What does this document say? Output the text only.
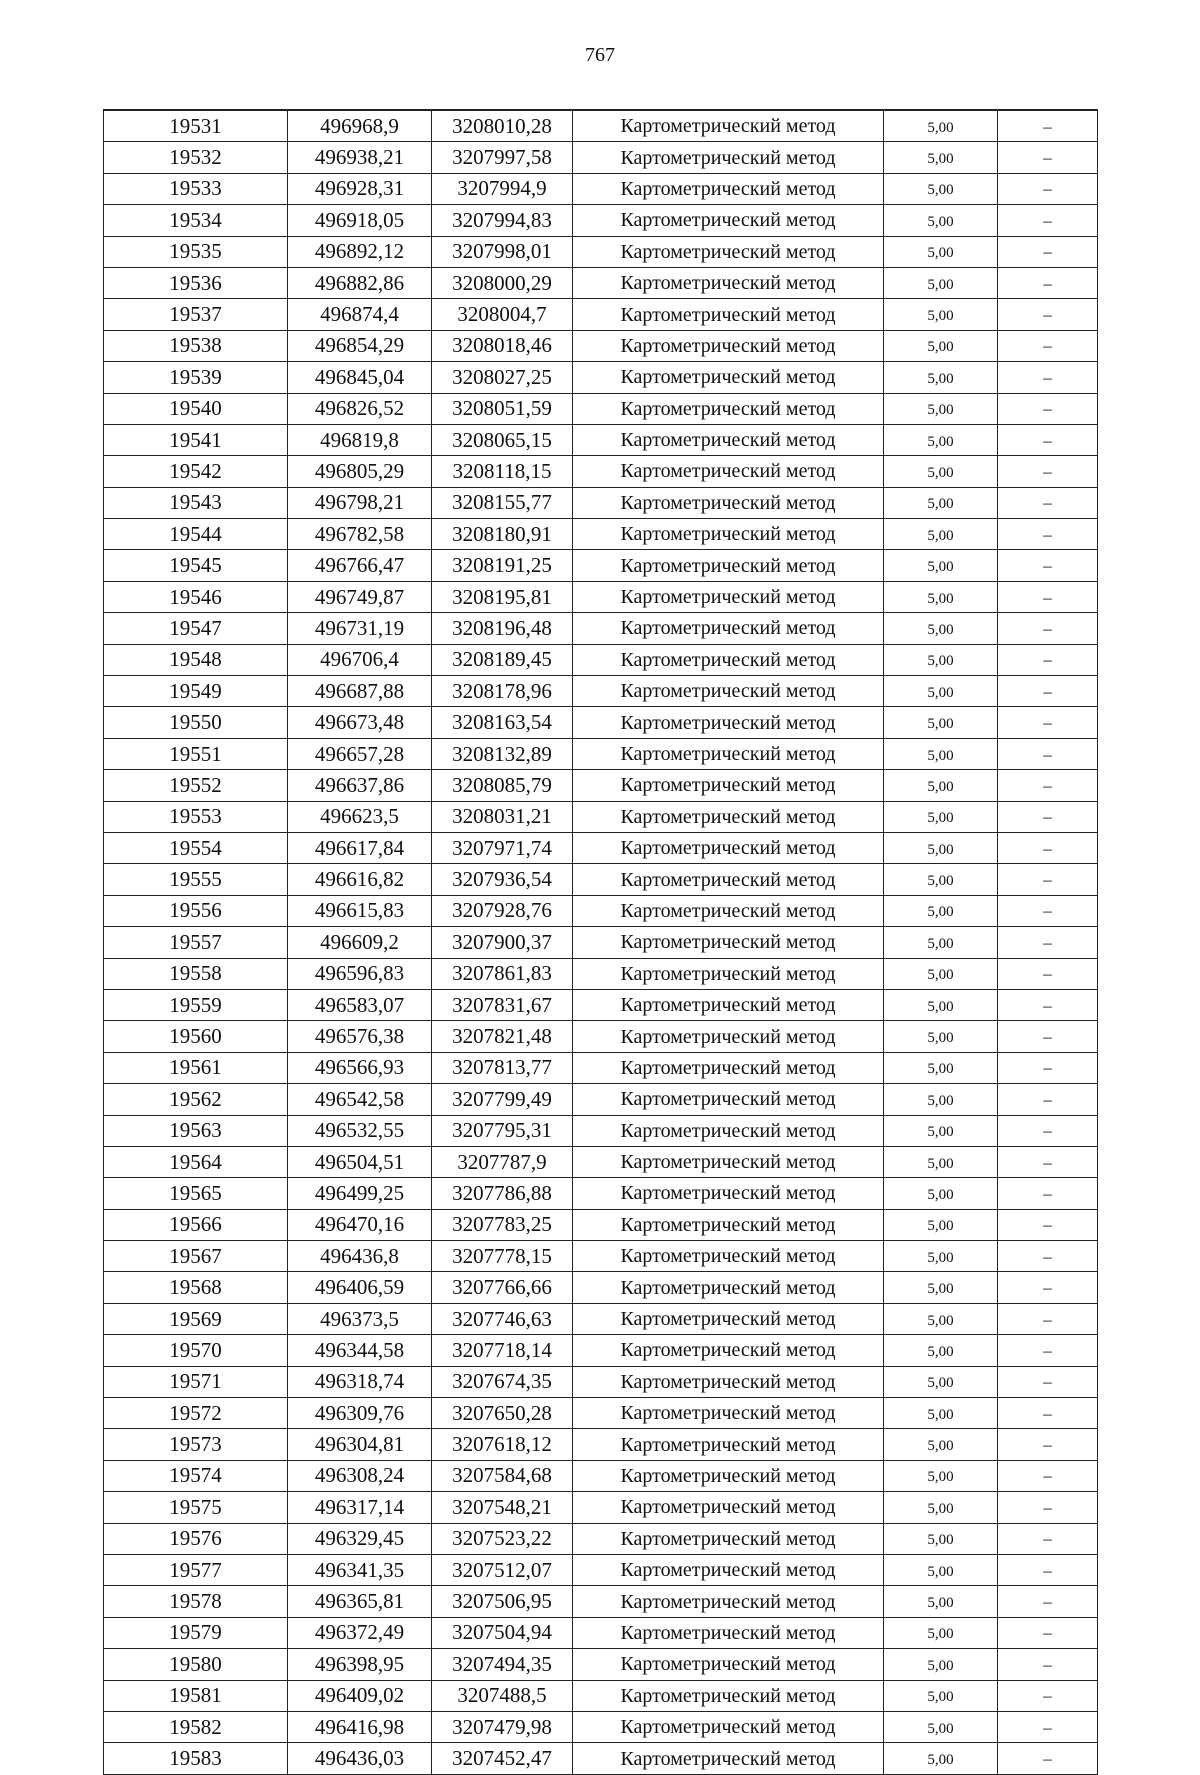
767
19531	496968,9	3208010,28	Картометрический метод	5,00	–
19532	496938,21	3207997,58	Картометрический метод	5,00	–
19533	496928,31	3207994,9	Картометрический метод	5,00	–
19534	496918,05	3207994,83	Картометрический метод	5,00	–
19535	496892,12	3207998,01	Картометрический метод	5,00	–
19536	496882,86	3208000,29	Картометрический метод	5,00	–
19537	496874,4	3208004,7	Картометрический метод	5,00	–
19538	496854,29	3208018,46	Картометрический метод	5,00	–
19539	496845,04	3208027,25	Картометрический метод	5,00	–
19540	496826,52	3208051,59	Картометрический метод	5,00	–
19541	496819,8	3208065,15	Картометрический метод	5,00	–
19542	496805,29	3208118,15	Картометрический метод	5,00	–
19543	496798,21	3208155,77	Картометрический метод	5,00	–
19544	496782,58	3208180,91	Картометрический метод	5,00	–
19545	496766,47	3208191,25	Картометрический метод	5,00	–
19546	496749,87	3208195,81	Картометрический метод	5,00	–
19547	496731,19	3208196,48	Картометрический метод	5,00	–
19548	496706,4	3208189,45	Картометрический метод	5,00	–
19549	496687,88	3208178,96	Картометрический метод	5,00	–
19550	496673,48	3208163,54	Картометрический метод	5,00	–
19551	496657,28	3208132,89	Картометрический метод	5,00	–
19552	496637,86	3208085,79	Картометрический метод	5,00	–
19553	496623,5	3208031,21	Картометрический метод	5,00	–
19554	496617,84	3207971,74	Картометрический метод	5,00	–
19555	496616,82	3207936,54	Картометрический метод	5,00	–
19556	496615,83	3207928,76	Картометрический метод	5,00	–
19557	496609,2	3207900,37	Картометрический метод	5,00	–
19558	496596,83	3207861,83	Картометрический метод	5,00	–
19559	496583,07	3207831,67	Картометрический метод	5,00	–
19560	496576,38	3207821,48	Картометрический метод	5,00	–
19561	496566,93	3207813,77	Картометрический метод	5,00	–
19562	496542,58	3207799,49	Картометрический метод	5,00	–
19563	496532,55	3207795,31	Картометрический метод	5,00	–
19564	496504,51	3207787,9	Картометрический метод	5,00	–
19565	496499,25	3207786,88	Картометрический метод	5,00	–
19566	496470,16	3207783,25	Картометрический метод	5,00	–
19567	496436,8	3207778,15	Картометрический метод	5,00	–
19568	496406,59	3207766,66	Картометрический метод	5,00	–
19569	496373,5	3207746,63	Картометрический метод	5,00	–
19570	496344,58	3207718,14	Картометрический метод	5,00	–
19571	496318,74	3207674,35	Картометрический метод	5,00	–
19572	496309,76	3207650,28	Картометрический метод	5,00	–
19573	496304,81	3207618,12	Картометрический метод	5,00	–
19574	496308,24	3207584,68	Картометрический метод	5,00	–
19575	496317,14	3207548,21	Картометрический метод	5,00	–
19576	496329,45	3207523,22	Картометрический метод	5,00	–
19577	496341,35	3207512,07	Картометрический метод	5,00	–
19578	496365,81	3207506,95	Картометрический метод	5,00	–
19579	496372,49	3207504,94	Картометрический метод	5,00	–
19580	496398,95	3207494,35	Картометрический метод	5,00	–
19581	496409,02	3207488,5	Картометрический метод	5,00	–
19582	496416,98	3207479,98	Картометрический метод	5,00	–
19583	496436,03	3207452,47	Картометрический метод	5,00	–
